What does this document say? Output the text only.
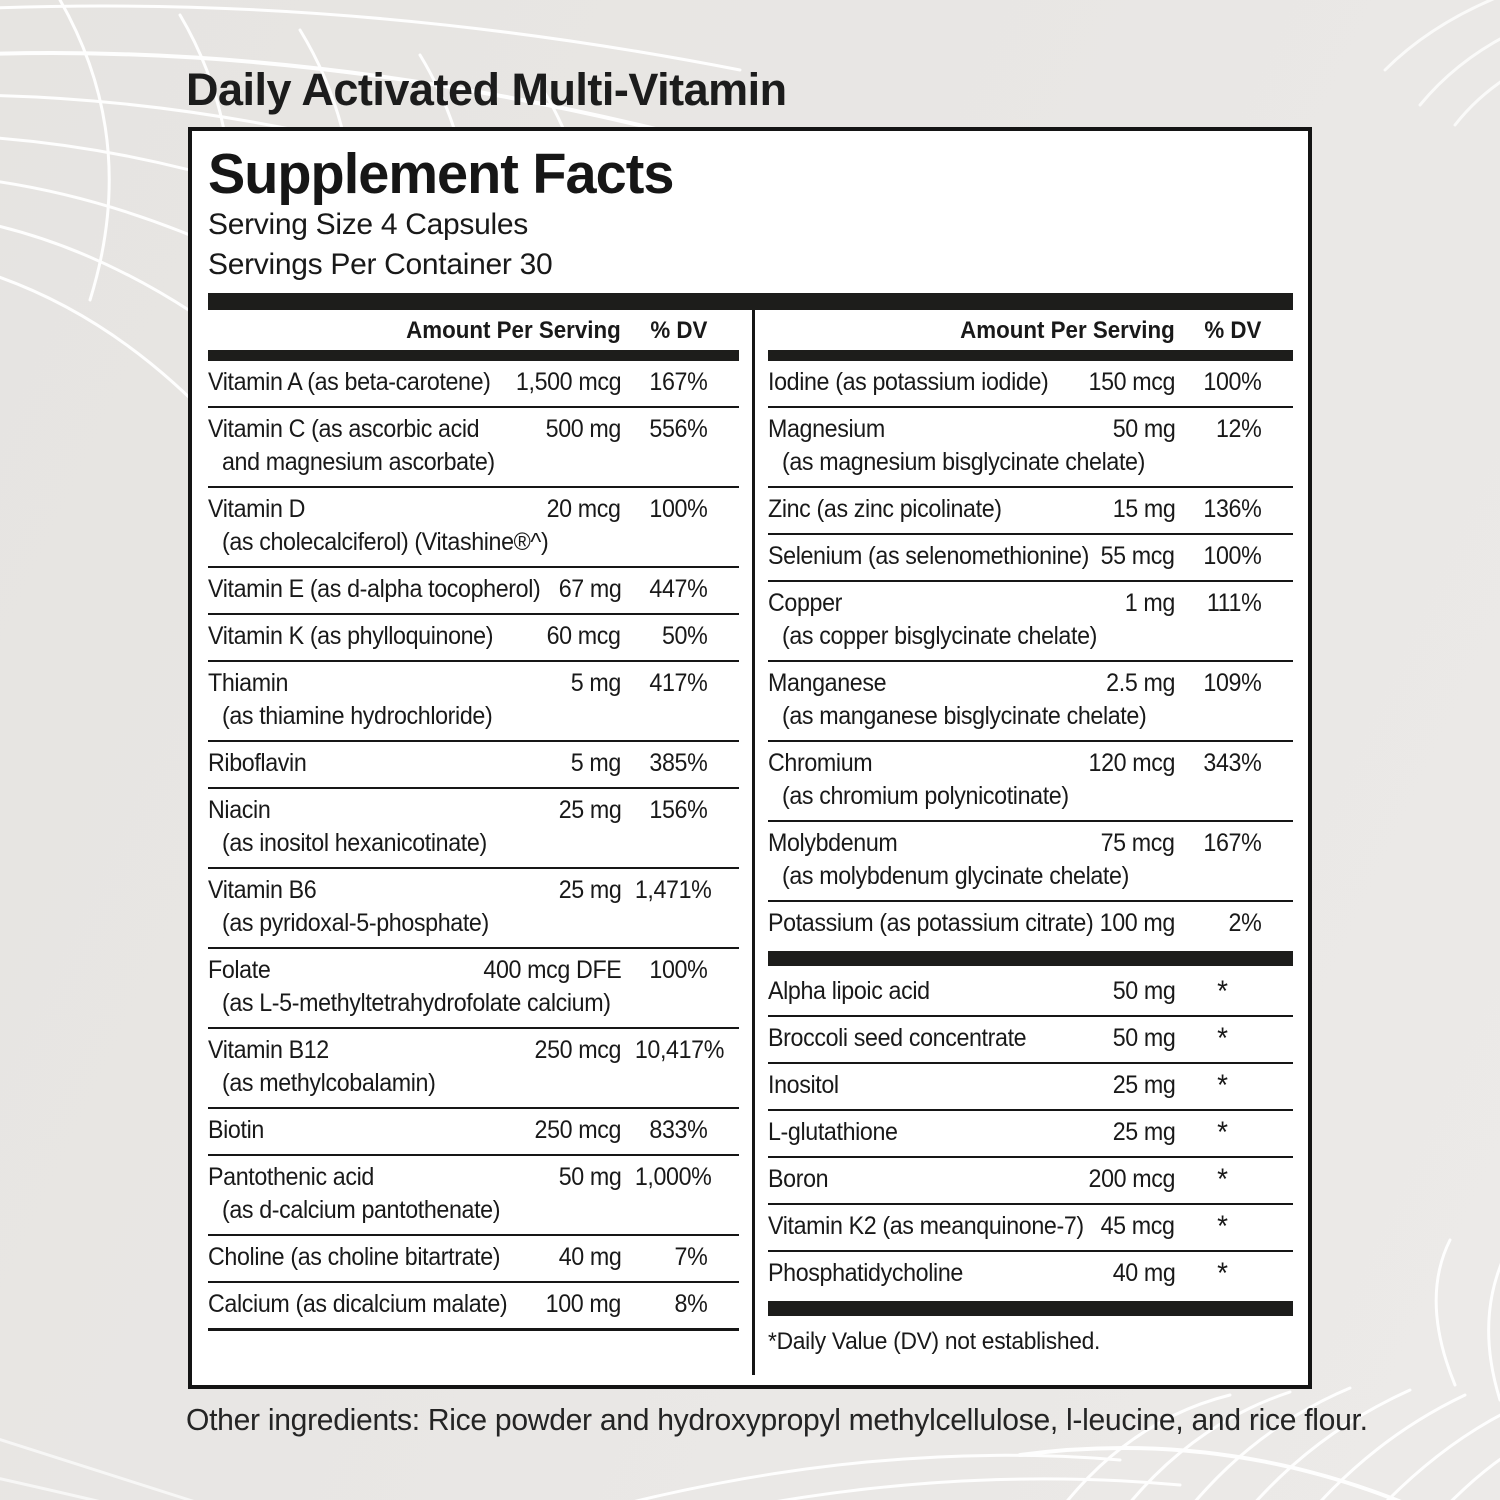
Daily Activated Multi-Vitamin
Supplement Facts
Serving Size 4 Capsules
Servings Per Container 30
Amount Per Serving	% DV
Vitamin A (as beta-carotene) 1,500 mcg	167%
Vitamin C (as ascorbic acid	500 mg	556%
and magnesium ascorbate)
Vitamin D	20 mcg	100%
(as cholecalciferol) (Vitashine®^)
Vitamin E (as d-alpha tocopherol) 67 mg	447%
Vitamin K (as phylloquinone)	60 mcg	50%
Thiamin	5 mg	417%
(as thiamine hydrochloride)
Riboflavin	5 mg	385%
Niacin	25 mg	156%
(as inositol hexanicotinate)
Vitamin B6	25 mg 1,471%
(as pyridoxal-5-phosphate)
Folate	400 mcg DFE	100%
(as L-5-methyltetrahydrofolate calcium)
Vitamin B12	250 mcg 10,417%
(as methylcobalamin)
Biotin	250 mcg	833%
Pantothenic acid	50 mg 1,000%
(as d-calcium pantothenate)
Choline (as choline bitartrate)	40 mg	7%
Calcium (as dicalcium malate) 100 mg	8%
Amount Per Serving	% DV
Iodine (as potassium iodide) 150 mcg	100%
Magnesium	50 mg	12%
(as magnesium bisglycinate chelate)
Zinc (as zinc picolinate)	15 mg	136%
Selenium (as selenomethionine) 55 mcg	100%
Copper	1 mg	111%
(as copper bisglycinate chelate)
Manganese	2.5 mg	109%
(as manganese bisglycinate chelate)
Chromium	120 mcg	343%
(as chromium polynicotinate)
Molybdenum	75 mcg	167%
(as molybdenum glycinate chelate)
Potassium (as potassium citrate) 100 mg	2%
Alpha lipoic acid	50 mg	*
Broccoli seed concentrate	50 mg	*
Inositol	25 mg	*
L-glutathione	25 mg	*
Boron	200 mcg	*
Vitamin K2 (as meanquinone-7) 45 mcg	*
Phosphatidycholine	40 mg	*
*Daily Value (DV) not established.
Other ingredients: Rice powder and hydroxypropyl methylcellulose, l-leucine, and rice flour.
